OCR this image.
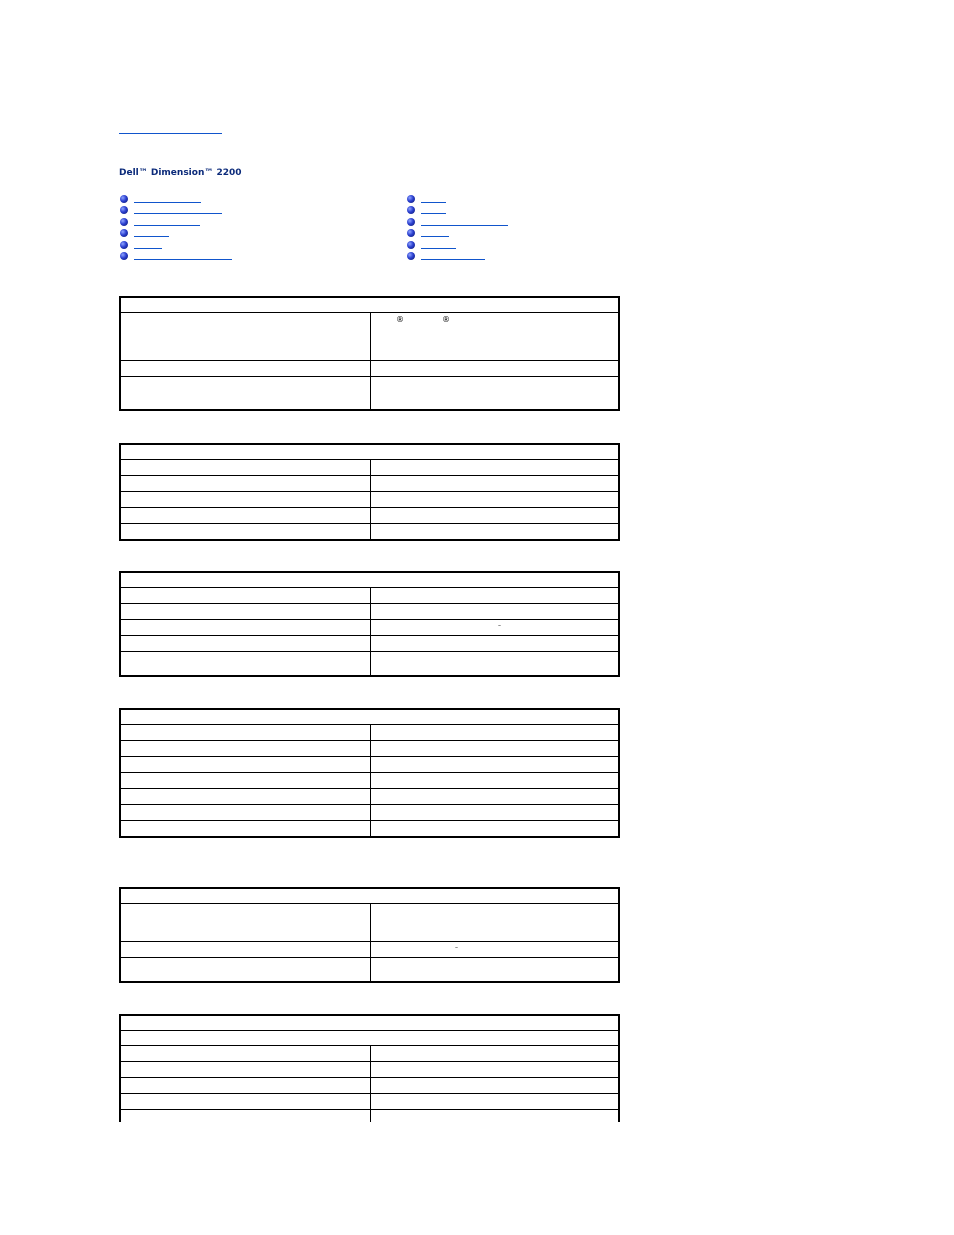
Dell™ Dimension™ 2200

	® ®

	–

	–
